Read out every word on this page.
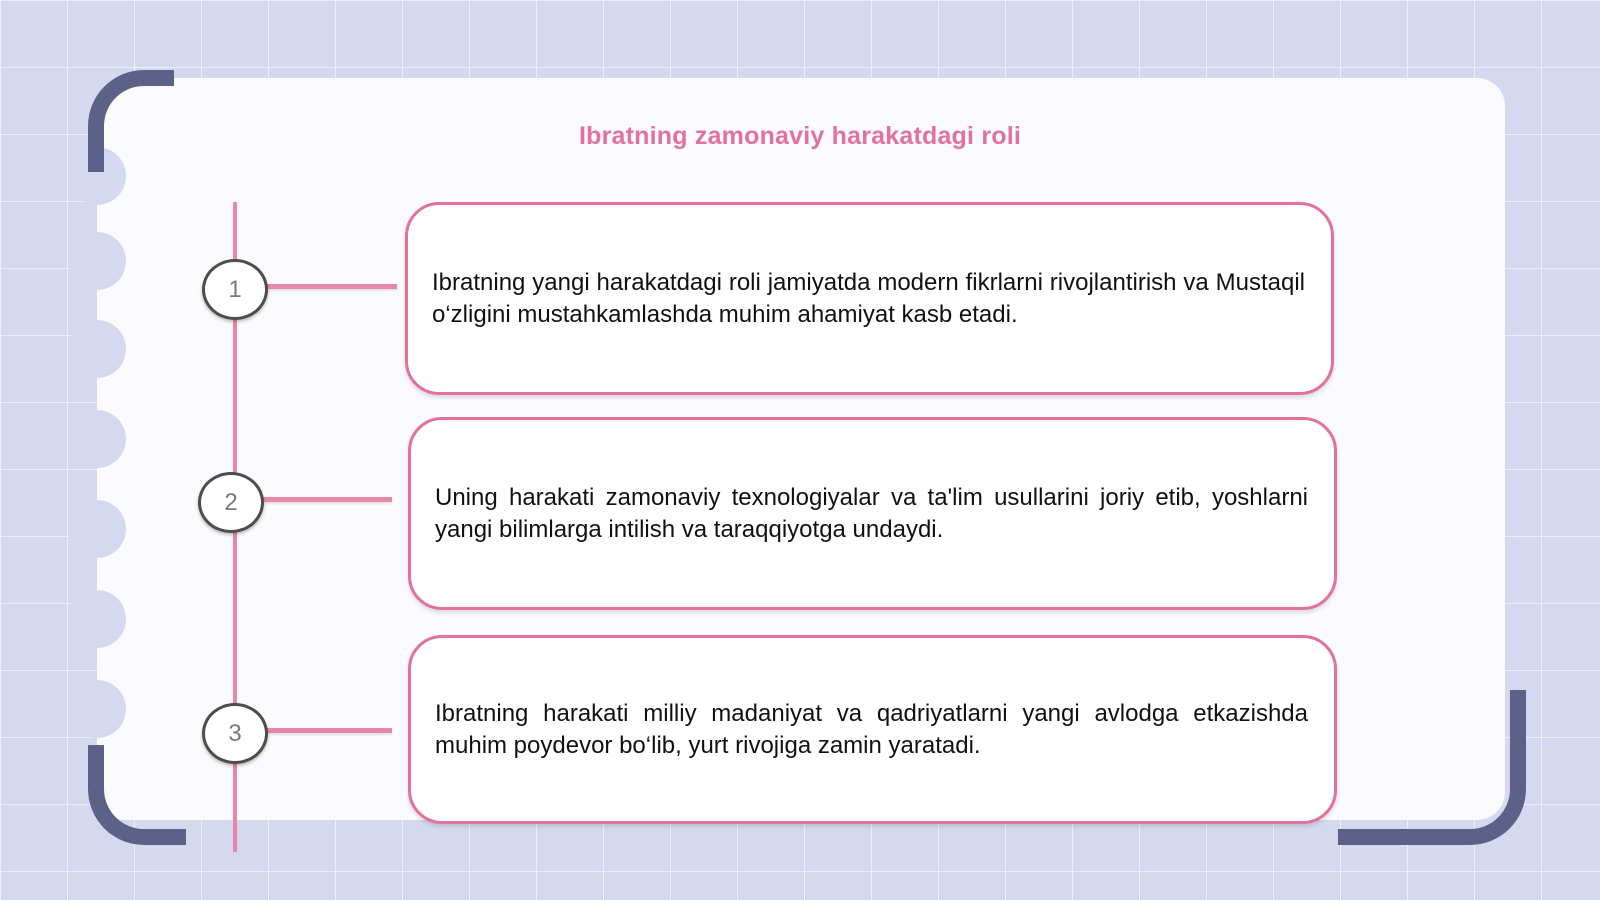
Ibratning zamonaviy harakatdagi roli
1
2
3
Ibratning yangi harakatdagi roli jamiyatda modern fikrlarni rivojlantirish va Mustaqil o‘zligini mustahkamlashda muhim ahamiyat kasb etadi.
Uning harakati zamonaviy texnologiyalar va ta'lim usullarini joriy etib, yoshlarni yangi bilimlarga intilish va taraqqiyotga undaydi.
Ibratning harakati milliy madaniyat va qadriyatlarni yangi avlodga etkazishda muhim poydevor bo‘lib, yurt rivojiga zamin yaratadi.
